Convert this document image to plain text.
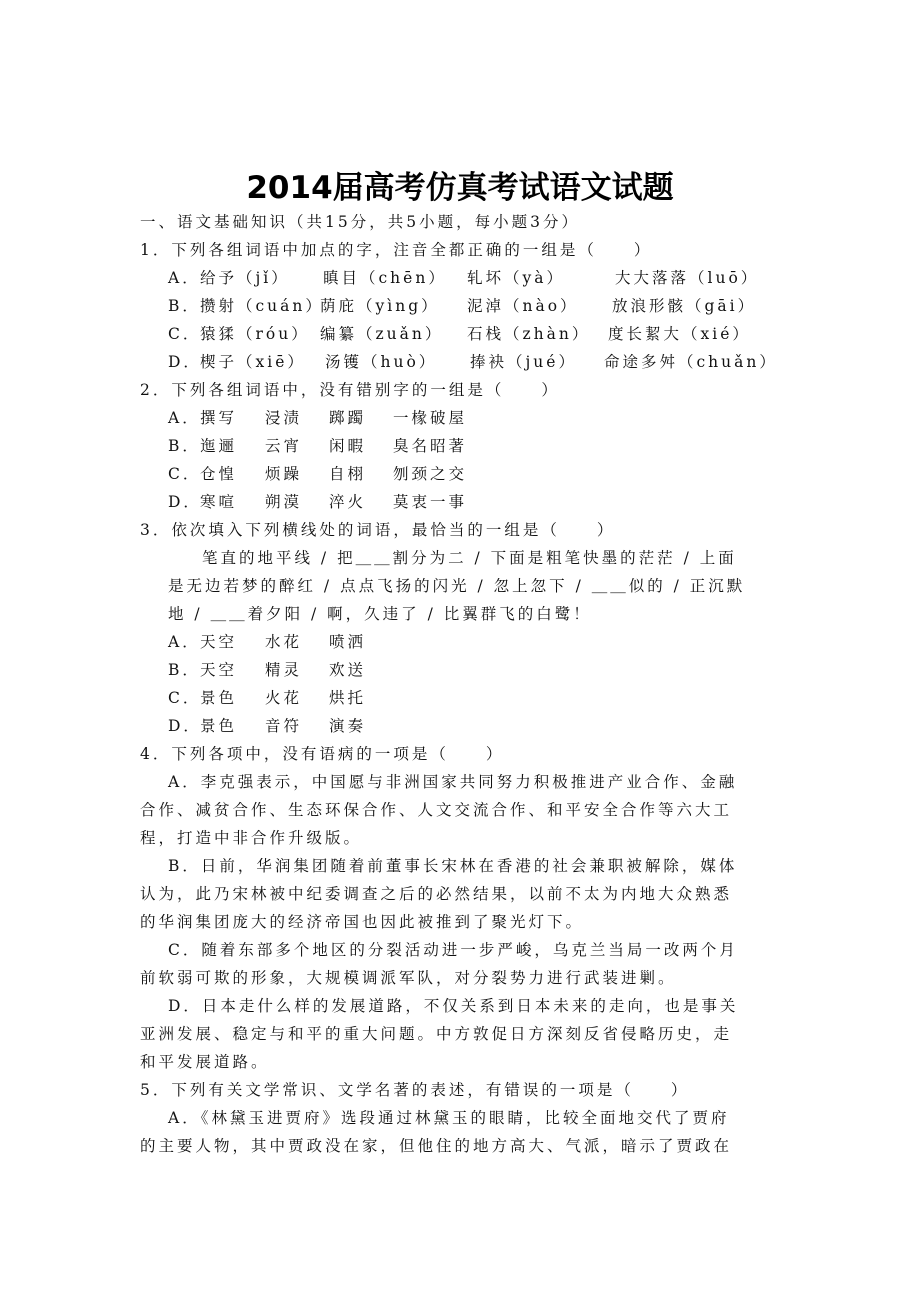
2014届高考仿真考试语文试题
一、语文基础知识（共15分，共5小题，每小题3分）
1．下列各组词语中加点的字，注音全都正确的一组是（　　）
A． 给予（jǐ） 瞋目（chēn） 轧坏（yà）	大大落落（luō）
B． 攒射（cuán）
荫庇（yìng） 泥淖（nào） 放浪形骸（gāi）
C．
猿猱（róu） 编纂（zuǎn） 石栈（zhàn） 度长絜大（xié）
D．
楔子（xiē） 汤镬（huò） 捧袂（jué） 命途多舛（chuǎn）
2．下列各组词语中，没有错别字的一组是（　　）
A． 撰写 浸渍 踯躅 一椽破屋
B． 迤逦 云宵 闲暇 臭名昭著
C．
仓惶 烦躁 自栩 刎颈之交
D．
寒喧 朔漠 淬火 莫衷一事
3．依次填入下列横线处的词语，最恰当的一组是（　　）
笔直的地平线 / 把＿＿割分为二 / 下面是粗笔快墨的茫茫 / 上面
是无边若梦的醉红 / 点点飞扬的闪光 / 忽上忽下 / ＿＿似的 / 正沉默
地 / ＿＿着夕阳 / 啊，久违了 / 比翼群飞的白鹭！
A． 天空 水花 喷洒
B． 天空 精灵 欢送
C．
景色 火花 烘托
D．
景色 音符 演奏
4．下列各项中，没有语病的一项是（　　）
A．李克强表示，中国愿与非洲国家共同努力积极推进产业合作、金融
合作、减贫合作、生态环保合作、人文交流合作、和平安全合作等六大工
程，打造中非合作升级版。
B．日前，华润集团随着前董事长宋林在香港的社会兼职被解除，媒体
认为，此乃宋林被中纪委调查之后的必然结果，以前不太为内地大众熟悉
的华润集团庞大的经济帝国也因此被推到了聚光灯下。
C．随着东部多个地区的分裂活动进一步严峻，乌克兰当局一改两个月
前软弱可欺的形象，大规模调派军队，对分裂势力进行武装进剿。
D．日本走什么样的发展道路，不仅关系到日本未来的走向，也是事关
亚洲发展、稳定与和平的重大问题。中方敦促日方深刻反省侵略历史，走
和平发展道路。
5．下列有关文学常识、文学名著的表述，有错误的一项是（　　）
A．《林黛玉进贾府》选段通过林黛玉的眼睛，比较全面地交代了贾府
的主要人物，其中贾政没在家，但他住的地方高大、气派，暗示了贾政在
